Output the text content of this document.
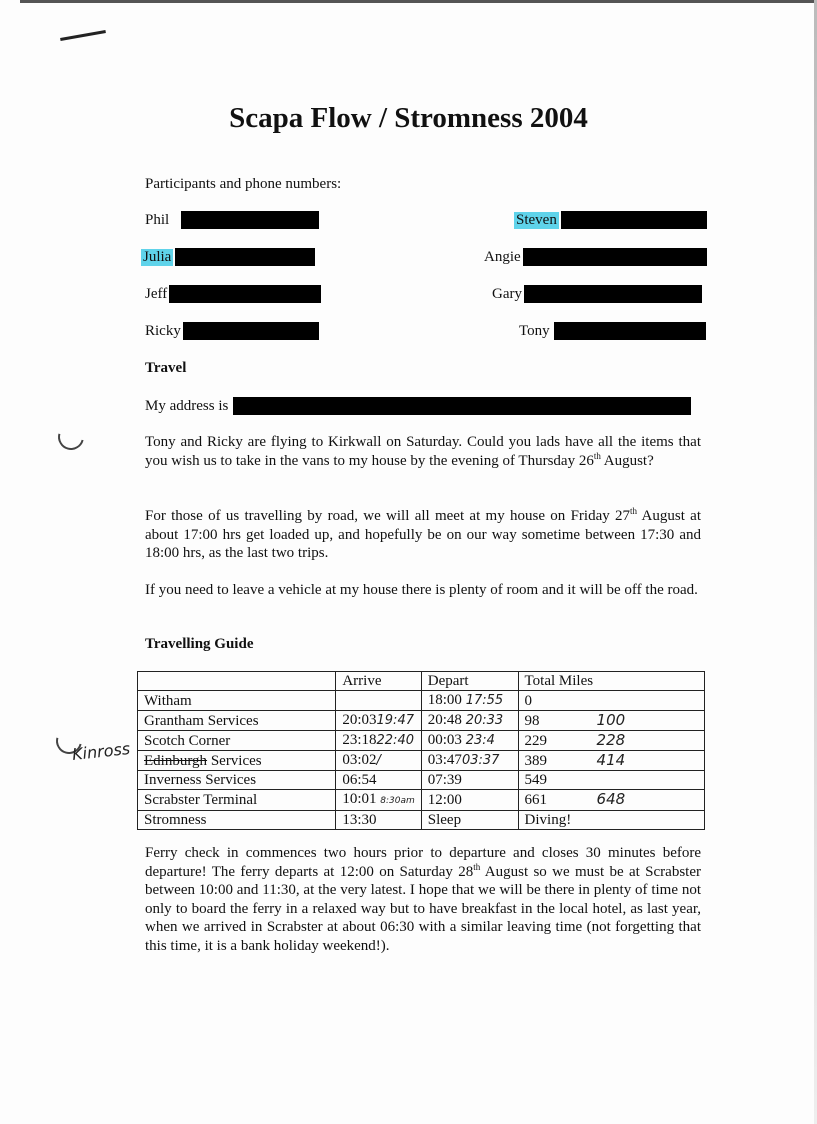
Scapa Flow / Stromness 2004
Participants and phone numbers:
Phil	Steven
Julia	Angie
Jeff	Gary
Ricky	Tony
Travel
My address is
Tony and Ricky are flying to Kirkwall on Saturday. Could you lads have all the items that you wish us to take in the vans to my house by the evening of Thursday 26th August?
For those of us travelling by road, we will all meet at my house on Friday 27th August at about 17:00 hrs get loaded up, and hopefully be on our way sometime between 17:30 and 18:00 hrs, as the last two trips.
If you need to leave a vehicle at my house there is plenty of room and it will be off the road.
Travelling Guide
	Arrive	Depart	Total Miles
Witham		18:00 17:55	0
Grantham Services	20:0319:47	20:48 20:33	98 100

Scotch Corner	23:1822:40	00:03 23:4	229 228

Edinburgh Services	03:02/	03:4703:37	389 414

Inverness Services	06:54	07:39	549
Scrabster Terminal	10:01 8:30am	12:00	661 648

Stromness	13:30	Sleep	Diving!
Kinross
Ferry check in commences two hours prior to departure and closes 30 minutes before departure! The ferry departs at 12:00 on Saturday 28th August so we must be at Scrabster between 10:00 and 11:30, at the very latest. I hope that we will be there in plenty of time not only to board the ferry in a relaxed way but to have breakfast in the local hotel, as last year, when we arrived in Scrabster at about 06:30 with a similar leaving time (not forgetting that this time, it is a bank holiday weekend!).
